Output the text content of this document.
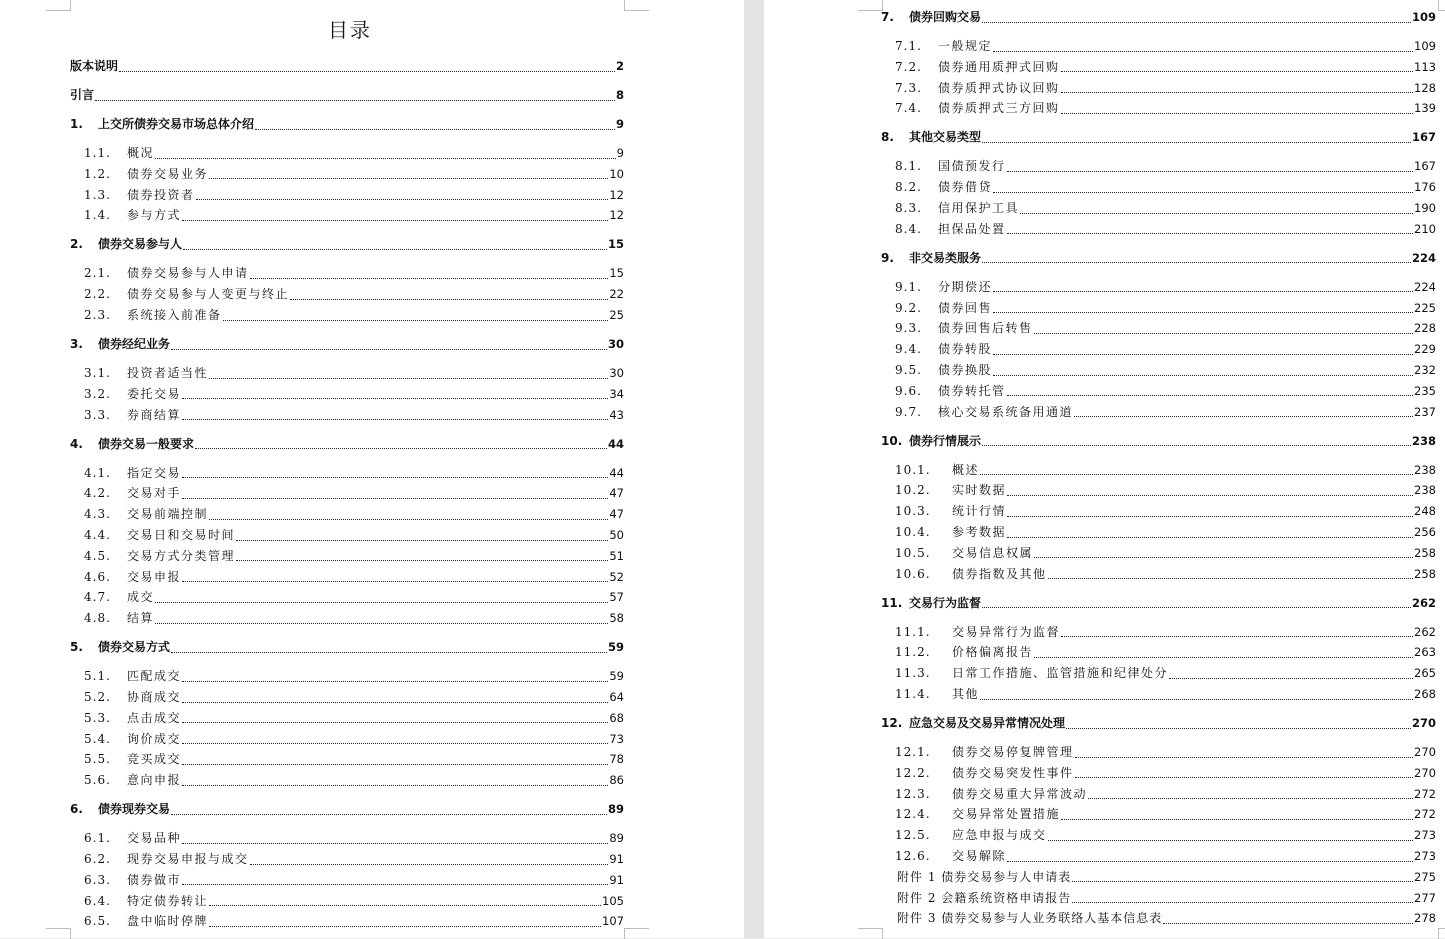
目录
版本说明	2
引言	8
1.	上交所债券交易市场总体介绍	9
1.1.	概况	9
1.2.	债券交易业务	10
1.3.	债券投资者	12
1.4.	参与方式	12
2.	债券交易参与人	15
2.1.	债券交易参与人申请	15
2.2.	债券交易参与人变更与终止	22
2.3.	系统接入前准备	25
3.	债券经纪业务	30
3.1.	投资者适当性	30
3.2.	委托交易	34
3.3.	券商结算	43
4.	债券交易一般要求	44
4.1.	指定交易	44
4.2.	交易对手	47
4.3.	交易前端控制	47
4.4.	交易日和交易时间	50
4.5.	交易方式分类管理	51
4.6.	交易申报	52
4.7.	成交	57
4.8.	结算	58
5.	债券交易方式	59
5.1.	匹配成交	59
5.2.	协商成交	64
5.3.	点击成交	68
5.4.	询价成交	73
5.5.	竞买成交	78
5.6.	意向申报	86
6.	债券现券交易	89
6.1.	交易品种	89
6.2.	现券交易申报与成交	91
6.3.	债券做市	91
6.4.	特定债券转让	105
6.5.	盘中临时停牌	107
7.	债券回购交易	109
7.1.	一般规定	109
7.2.	债券通用质押式回购	113
7.3.	债券质押式协议回购	128
7.4.	债券质押式三方回购	139
8.	其他交易类型	167
8.1.	国债预发行	167
8.2.	债券借贷	176
8.3.	信用保护工具	190
8.4.	担保品处置	210
9.	非交易类服务	224
9.1.	分期偿还	224
9.2.	债券回售	225
9.3.	债券回售后转售	228
9.4.	债券转股	229
9.5.	债券换股	232
9.6.	债券转托管	235
9.7.	核心交易系统备用通道	237
10. 债券行情展示	238
10.1.	概述	238
10.2.	实时数据	238
10.3.	统计行情	248
10.4.	参考数据	256
10.5.	交易信息权属	258
10.6.	债券指数及其他	258
11. 交易行为监督	262
11.1.	交易异常行为监督	262
11.2.	价格偏离报告	263
11.3.	日常工作措施、监管措施和纪律处分	265
11.4.	其他	268
12. 应急交易及交易异常情况处理	270
12.1.	债券交易停复牌管理	270
12.2.	债券交易突发性事件	270
12.3.	债券交易重大异常波动	272
12.4.	交易异常处置措施	272
12.5.	应急申报与成交	273
12.6.	交易解除	273
附件 1 债券交易参与人申请表	275
附件 2 会籍系统资格申请报告	277
附件 3 债券交易参与人业务联络人基本信息表	278
